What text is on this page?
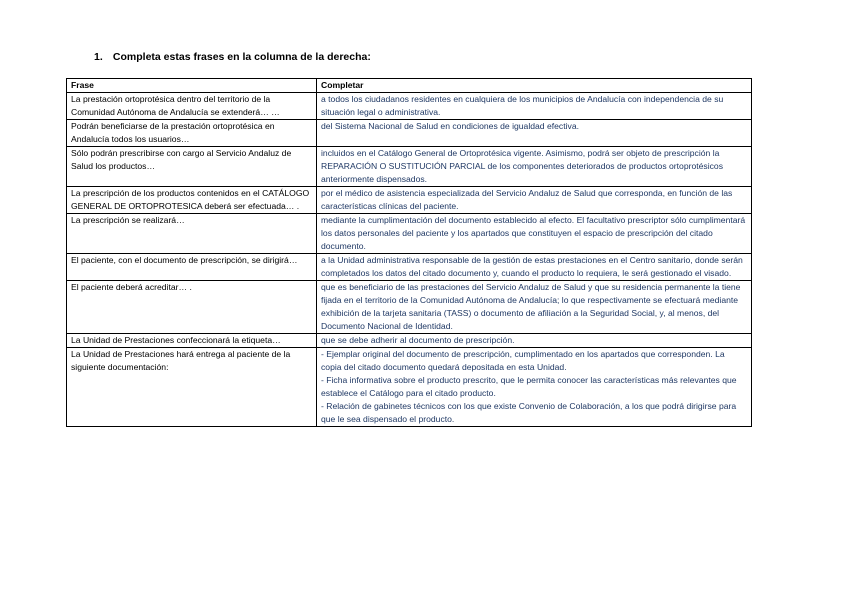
1. Completa estas frases en la columna de la derecha:
Frase	Completar
La prestación ortoprotésica dentro del territorio de la Comunidad Autónoma de Andalucía se extenderá… …	a todos los ciudadanos residentes en cualquiera de los municipios de Andalucía con independencia de su situación legal o administrativa.

Podrán beneficiarse de la prestación ortoprotésica en Andalucía todos los usuarios…	del Sistema Nacional de Salud en condiciones de igualdad efectiva.

Sólo podrán prescribirse con cargo al Servicio Andaluz de Salud los productos…	incluidos en el Catálogo General de Ortoprotésica vigente. Asimismo, podrá ser objeto de prescripción la REPARACIÓN O SUSTITUCIÓN PARCIAL de los componentes deteriorados de productos ortoprotésicos anteriormente dispensados.

La prescripción de los productos contenidos en el CATÁLOGO GENERAL DE ORTOPROTESICA deberá ser efectuada… .	por el médico de asistencia especializada del Servicio Andaluz de Salud que corresponda, en función de las características clínicas del paciente.

La prescripción se realizará…	mediante la cumplimentación del documento establecido al efecto. El facultativo prescriptor sólo cumplimentará los datos personales del paciente y los apartados que constituyen el espacio de prescripción del citado documento.

El paciente, con el documento de prescripción, se dirigirá…	a la Unidad administrativa responsable de la gestión de estas prestaciones en el Centro sanitario, donde serán completados los datos del citado documento y, cuando el producto lo requiera, le será gestionado el visado.

El paciente deberá acreditar… .	que es beneficiario de las prestaciones del Servicio Andaluz de Salud y que su residencia permanente la tiene fijada en el territorio de la Comunidad Autónoma de Andalucía; lo que respectivamente se efectuará mediante exhibición de la tarjeta sanitaria (TASS) o documento de afiliación a la Seguridad Social, y, al menos, del Documento Nacional de Identidad.

La Unidad de Prestaciones confeccionará la etiqueta…	que se debe adherir al documento de prescripción.

La Unidad de Prestaciones hará entrega al paciente de la siguiente documentación:	- Ejemplar original del documento de prescripción, cumplimentado en los apartados que corresponden. La copia del citado documento quedará depositada en esta Unidad.
- Ficha informativa sobre el producto prescrito, que le permita conocer las características más relevantes que establece el Catálogo para el citado producto.
- Relación de gabinetes técnicos con los que existe Convenio de Colaboración, a los que podrá dirigirse para que le sea dispensado el producto.
